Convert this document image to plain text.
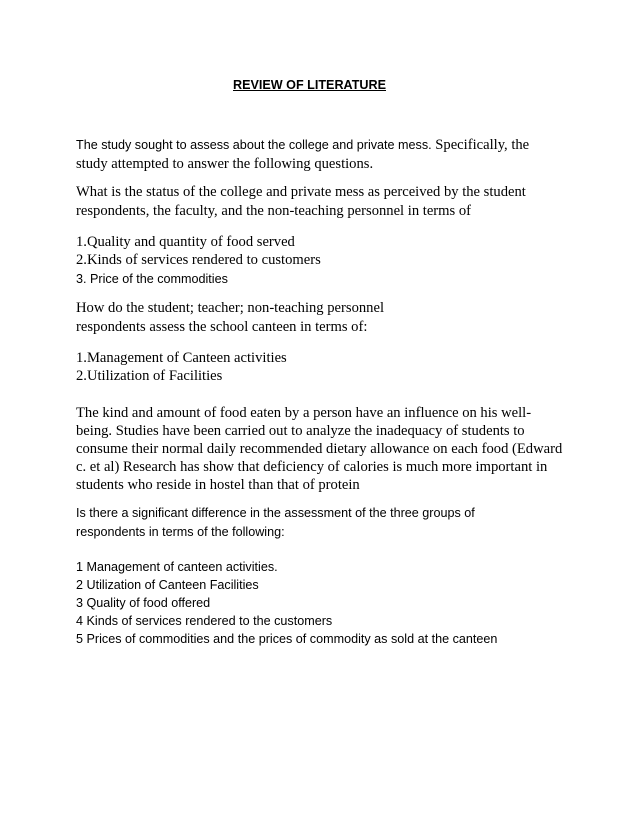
REVIEW OF LITERATURE
The study sought to assess about the college and private mess. Specifically, the
study attempted to answer the following questions.
What is the status of the college and private mess as perceived by the student
respondents, the faculty, and the non-teaching personnel in terms of
1.Quality and quantity of food served
2.Kinds of services rendered to customers
3. Price of the commodities
How do the student; teacher; non-teaching personnel
respondents assess the school canteen in terms of:
1.Management of Canteen activities
2.Utilization of Facilities
The kind and amount of food eaten by a person have an influence on his well-
being. Studies have been carried out to analyze the inadequacy of students to
consume their normal daily recommended dietary allowance on each food (Edward
c. et al) Research has show that deficiency of calories is much more important in
students who reside in hostel than that of protein
Is there a significant difference in the assessment of the three groups of
respondents in terms of the following:
1 Management of canteen activities.
2 Utilization of Canteen Facilities
3 Quality of food offered
4 Kinds of services rendered to the customers
5 Prices of commodities and the prices of commodity as sold at the canteen
